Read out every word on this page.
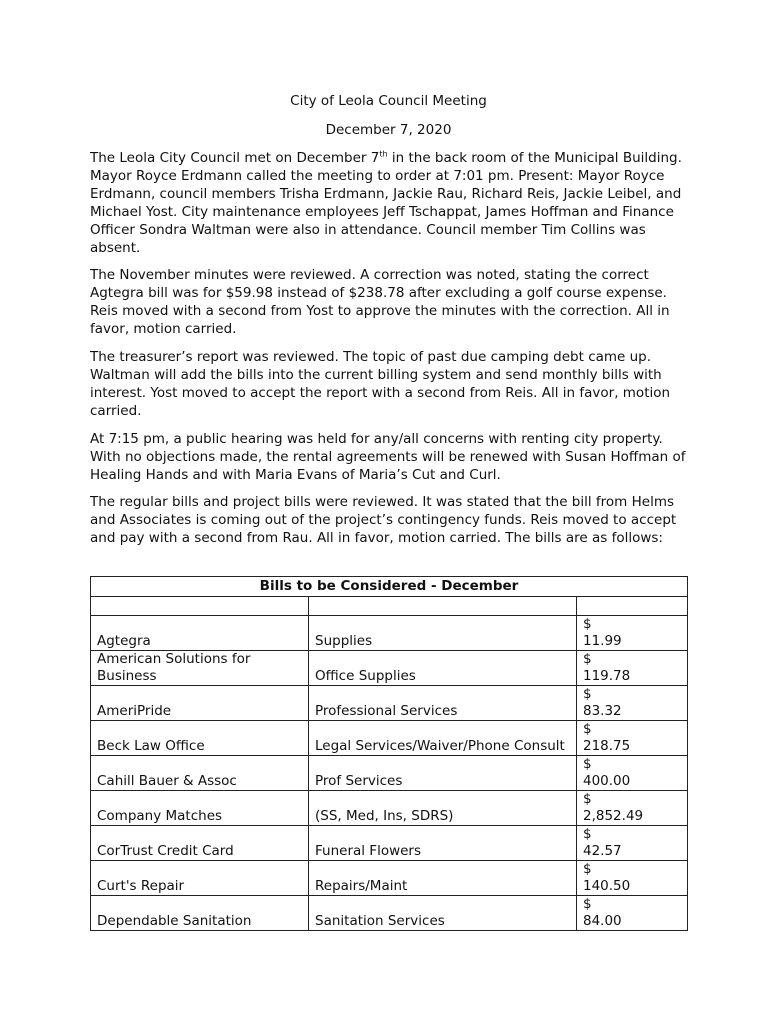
City of Leola Council Meeting
December 7, 2020

The Leola City Council met on December 7th in the back room of the Municipal Building. Mayor Royce Erdmann called the meeting to order at 7:01 pm. Present: Mayor Royce Erdmann, council members Trisha Erdmann, Jackie Rau, Richard Reis, Jackie Leibel, and Michael Yost. City maintenance employees Jeff Tschappat, James Hoffman and Finance Officer Sondra Waltman were also in attendance. Council member Tim Collins was absent.

The November minutes were reviewed. A correction was noted, stating the correct Agtegra bill was for $59.98 instead of $238.78 after excluding a golf course expense. Reis moved with a second from Yost to approve the minutes with the correction. All in favor, motion carried.

The treasurer’s report was reviewed. The topic of past due camping debt came up. Waltman will add the bills into the current billing system and send monthly bills with interest. Yost moved to accept the report with a second from Reis. All in favor, motion carried.

At 7:15 pm, a public hearing was held for any/all concerns with renting city property. With no objections made, the rental agreements will be renewed with Susan Hoffman of Healing Hands and with Maria Evans of Maria’s Cut and Curl.

The regular bills and project bills were reviewed. It was stated that the bill from Helms and Associates is coming out of the project’s contingency funds. Reis moved to accept and pay with a second from Rau. All in favor, motion carried. The bills are as follows:

Bills to be Considered - December		

Agtegra	Supplies	$
11.99

American Solutions for Business	Office Supplies	$
119.78

AmeriPride	Professional Services	$
83.32

Beck Law Office	Legal Services/Waiver/Phone Consult	$
218.75

Cahill Bauer & Assoc	Prof Services	$
400.00

Company Matches	(SS, Med, Ins, SDRS)	$
2,852.49

CorTrust Credit Card	Funeral Flowers	$
42.57

Curt's Repair	Repairs/Maint	$
140.50

Dependable Sanitation	Sanitation Services	$
84.00
